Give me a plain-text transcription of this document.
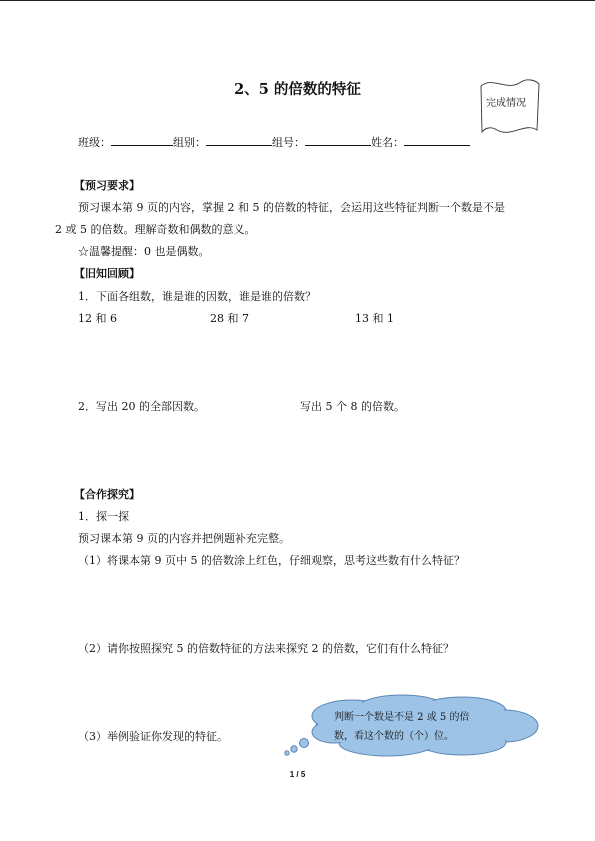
2、5 的倍数的特征
完成情况
班级：	组别：	组号：	姓名：
【预习要求】
预习课本第 9 页的内容，掌握 2 和 5 的倍数的特征，会运用这些特征判断一个数是不是
2 或 5 的倍数。理解奇数和偶数的意义。
☆温馨提醒：0 也是偶数。
【旧知回顾】
1．下面各组数，谁是谁的因数，谁是谁的倍数？
12 和 6	28 和 7	13 和 1
2．写出 20 的全部因数。	写出 5 个 8 的倍数。
【合作探究】
1．探一探
预习课本第 9 页的内容并把例题补充完整。
（1）将课本第 9 页中 5 的倍数涂上红色，仔细观察，思考这些数有什么特征？
（2）请你按照探究 5 的倍数特征的方法来探究 2 的倍数，它们有什么特征？
（3）举例验证你发现的特征。
判断一个数是不是 2 或 5 的倍
数，看这个数的（个）位。
1 / 5
